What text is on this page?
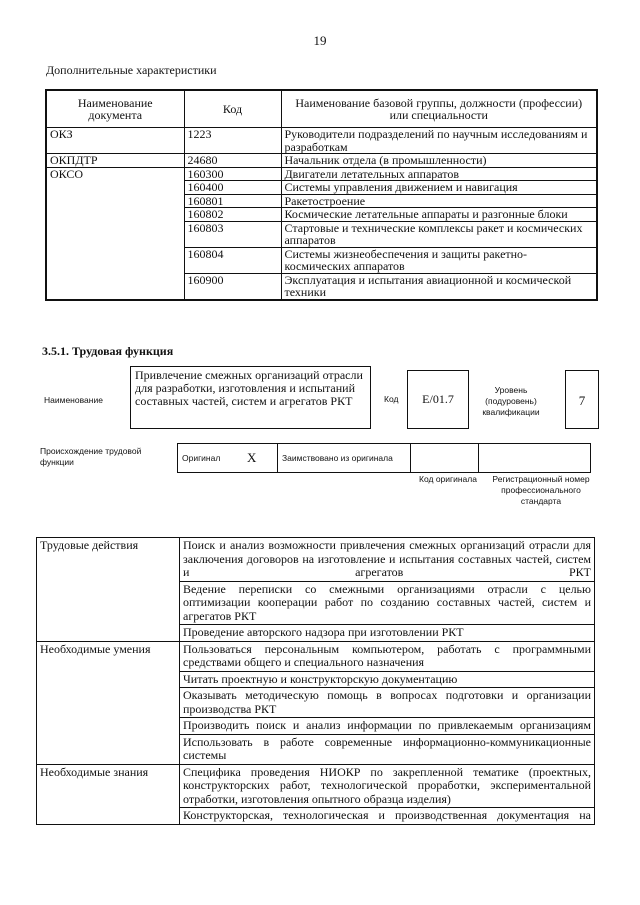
19
Дополнительные характеристики
Наименование документа	Код	Наименование базовой группы, должности (профессии) или специальности
ОКЗ	1223	Руководители подразделений по научным исследованиям и разработкам
ОКПДТР	24680	Начальник отдела (в промышленности)
ОКСО	160300	Двигатели летательных аппаратов
	160400	Системы управления движением и навигация
	160801	Ракетостроение
	160802	Космические летательные аппараты и разгонные блоки
	160803	Стартовые и технические комплексы ракет и космических аппаратов
	160804	Системы жизнеобеспечения и защиты ракетно-космических аппаратов
	160900	Эксплуатация и испытания авиационной и космической техники
3.5.1. Трудовая функция
Наименование
Привлечение смежных организаций отрасли для разработки, изготовления и испытаний составных частей, систем и агрегатов РКТ	Код	Е/01.7
Уровень (подуровень) квалификации
7
Происхождение трудовой функции	Оригинал	X	Заимствовано из оригинала		
Код оригинала	Регистрационный номер профессионального стандарта
Трудовые действия	Поиск и анализ возможности привлечения смежных организаций отрасли для заключения договоров на изготовление и испытания составных частей, систем и агрегатов РКТ
	Ведение переписки со смежными организациями отрасли с целью оптимизации кооперации работ по созданию составных частей, систем и агрегатов РКТ
	Проведение авторского надзора при изготовлении РКТ
Необходимые умения	Пользоваться персональным компьютером, работать с программными средствами общего и специального назначения
	Читать проектную и конструкторскую документацию
	Оказывать методическую помощь в вопросах подготовки и организации производства РКТ
	Производить поиск и анализ информации по привлекаемым организациям
	Использовать в работе современные информационно-коммуникационные системы
Необходимые знания	Специфика проведения НИОКР по закрепленной тематике (проектных, конструкторских работ, технологической проработки, экспериментальной отработки, изготовления опытного образца изделия)
	Конструкторская, технологическая и производственная документация на
